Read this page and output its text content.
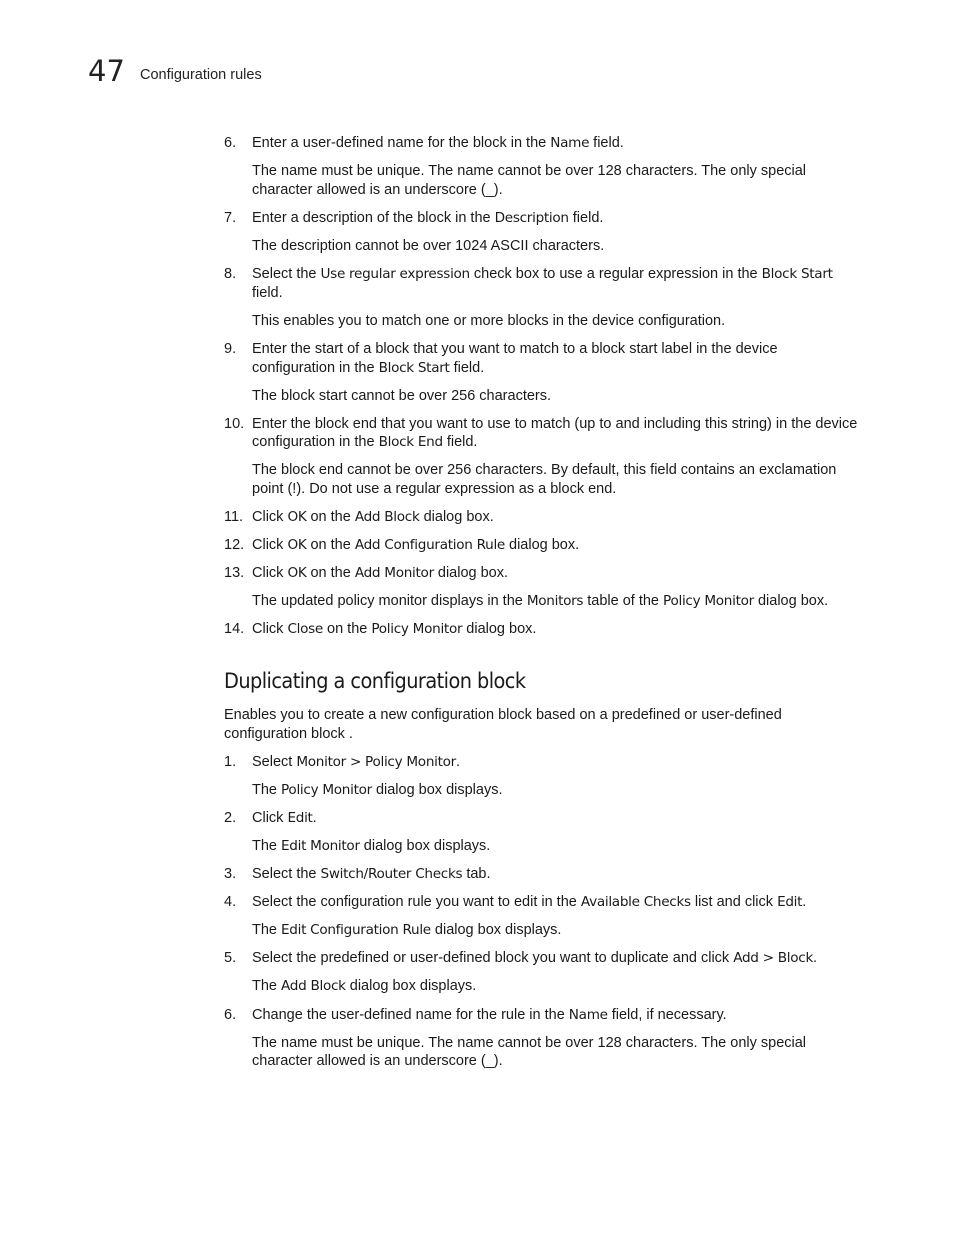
47 Configuration rules
Duplicating a configuration block
Enables you to create a new configuration block based on a predefined or user-defined
configuration block .
6.	Enter a user-defined name for the block in the Name field.
The name must be unique. The name cannot be over 128 characters. The only special
character allowed is an underscore (_).
7.	Enter a description of the block in the Description field.
The description cannot be over 1024 ASCII characters.
8.	Select the Use regular expression check box to use a regular expression in the Block Start
field.
This enables you to match one or more blocks in the device configuration.
9.	Enter the start of a block that you want to match to a block start label in the device
configuration in the Block Start field.
The block start cannot be over 256 characters.
10. Enter the block end that you want to use to match (up to and including this string) in the device
configuration in the Block End field.
The block end cannot be over 256 characters. By default, this field contains an exclamation
point (!). Do not use a regular expression as a block end.
11. Click OK on the Add Block dialog box.
12. Click OK on the Add Configuration Rule dialog box.
13. Click OK on the Add Monitor dialog box.
The updated policy monitor displays in the Monitors table of the Policy Monitor dialog box.
14. Click Close on the Policy Monitor dialog box.
1.	Select Monitor > Policy Monitor.
The Policy Monitor dialog box displays.
2.	Click Edit.
The Edit Monitor dialog box displays.
3.	Select the Switch/Router Checks tab.
4.	Select the configuration rule you want to edit in the Available Checks list and click Edit.
The Edit Configuration Rule dialog box displays.
5.	Select the predefined or user-defined block you want to duplicate and click Add > Block.
The Add Block dialog box displays.
6.	Change the user-defined name for the rule in the Name field, if necessary.
The name must be unique. The name cannot be over 128 characters. The only special
character allowed is an underscore (_).
